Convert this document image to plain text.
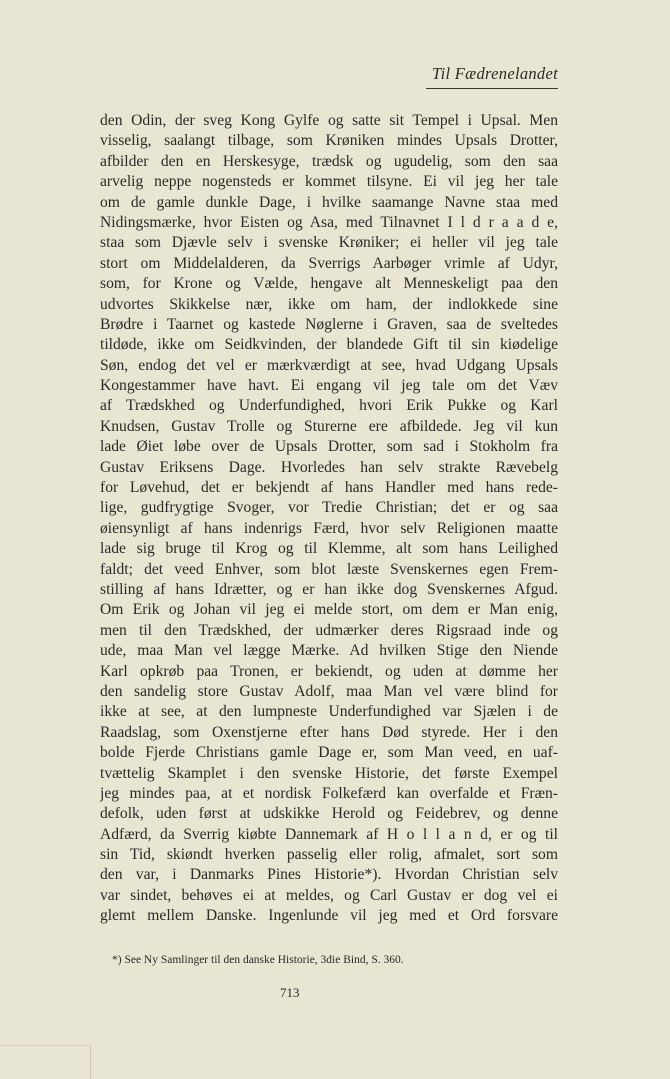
Til Fædrenelandet
den Odin, der sveg Kong Gylfe og satte sit Tempel i Upsal. Men
visselig, saalangt tilbage, som Krøniken mindes Upsals Drotter,
afbilder den en Herskesyge, trædsk og ugudelig, som den saa
arvelig neppe nogensteds er kommet tilsyne. Ei vil jeg her tale
om de gamle dunkle Dage, i hvilke saamange Navne staa med
Nidingsmærke, hvor Eisten og Asa, med Tilnavnet I l d r a a d e,
staa som Djævle selv i svenske Krøniker; ei heller vil jeg tale
stort om Middelalderen, da Sverrigs Aarbøger vrimle af Udyr,
som, for Krone og Vælde, hengave alt Menneskeligt paa den
udvortes Skikkelse nær, ikke om ham, der indlokkede sine
Brødre i Taarnet og kastede Nøglerne i Graven, saa de sveltedes
tildøde, ikke om Seidkvinden, der blandede Gift til sin kiødelige
Søn, endog det vel er mærkværdigt at see, hvad Udgang Upsals
Kongestammer have havt. Ei engang vil jeg tale om det Væv
af Trædskhed og Underfundighed, hvori Erik Pukke og Karl
Knudsen, Gustav Trolle og Sturerne ere afbildede. Jeg vil kun
lade Øiet løbe over de Upsals Drotter, som sad i Stokholm fra
Gustav Eriksens Dage. Hvorledes han selv strakte Rævebelg
for Løvehud, det er bekjendt af hans Handler med hans rede-
lige, gudfrygtige Svoger, vor Tredie Christian; det er og saa
øiensynligt af hans indenrigs Færd, hvor selv Religionen maatte
lade sig bruge til Krog og til Klemme, alt som hans Leilighed
faldt; det veed Enhver, som blot læste Svenskernes egen Frem-
stilling af hans Idrætter, og er han ikke dog Svenskernes Afgud.
Om Erik og Johan vil jeg ei melde stort, om dem er Man enig,
men til den Trædskhed, der udmærker deres Rigsraad inde og
ude, maa Man vel lægge Mærke. Ad hvilken Stige den Niende
Karl opkrøb paa Tronen, er bekiendt, og uden at dømme her
den sandelig store Gustav Adolf, maa Man vel være blind for
ikke at see, at den lumpneste Underfundighed var Sjælen i de
Raadslag, som Oxenstjerne efter hans Død styrede. Her i den
bolde Fjerde Christians gamle Dage er, som Man veed, en uaf-
tvættelig Skamplet i den svenske Historie, det første Exempel
jeg mindes paa, at et nordisk Folkefærd kan overfalde et Fræn-
defolk, uden først at udskikke Herold og Feidebrev, og denne
Adfærd, da Sverrig kiøbte Dannemark af H o l l a n d, er og til
sin Tid, skiøndt hverken passelig eller rolig, afmalet, sort som
den var, i Danmarks Pines Historie*). Hvordan Christian selv
var sindet, behøves ei at meldes, og Carl Gustav er dog vel ei
glemt mellem Danske. Ingenlunde vil jeg med et Ord forsvare
*) See Ny Samlinger til den danske Historie, 3die Bind, S. 360.
713
